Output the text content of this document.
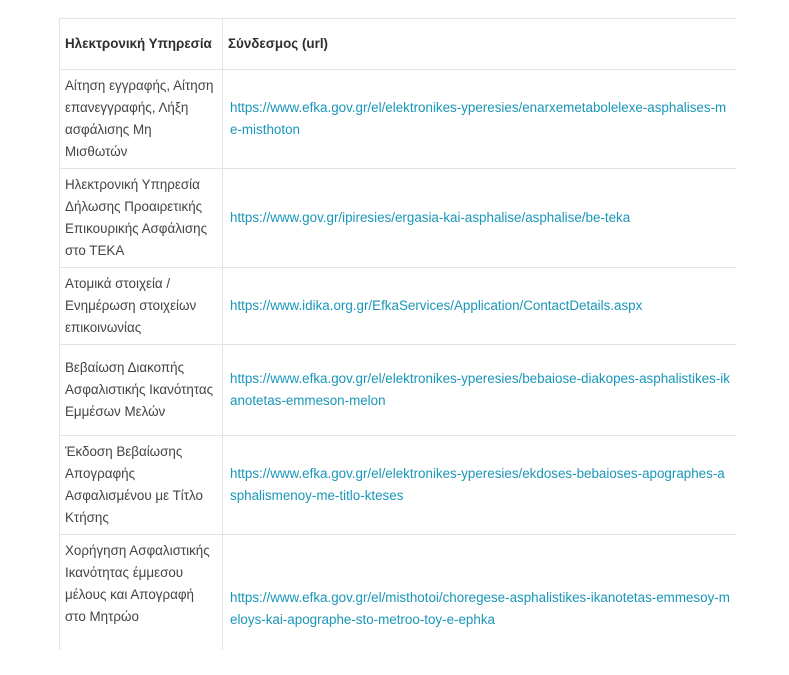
Ηλεκτρονική Υπηρεσία	Σύνδεσμος (url)
Αίτηση εγγραφής, Αίτηση επανεγγραφής, Λήξη ασφάλισης Μη Μισθωτών	https://www.efka.gov.gr/el/elektronikes-yperesies/enarxemetabolelexe-asphalises-me-misthoton
Ηλεκτρονική Υπηρεσία Δήλωσης Προαιρετικής Επικουρικής Ασφάλισης στο ΤΕΚΑ	https://www.gov.gr/ipiresies/ergasia-kai-asphalise/asphalise/be-teka
Ατομικά στοιχεία / Ενημέρωση στοιχείων επικοινωνίας	https://www.idika.org.gr/EfkaServices/Application/ContactDetails.aspx
Βεβαίωση Διακοπής Ασφαλιστικής Ικανότητας Εμμέσων Μελών	https://www.efka.gov.gr/el/elektronikes-yperesies/bebaiose-diakopes-asphalistikes-ikanotetas-emmeson-melon
Έκδοση Βεβαίωσης Απογραφής Ασφαλισμένου με Τίτλο Κτήσης	https://www.efka.gov.gr/el/elektronikes-yperesies/ekdoses-bebaioses-apographes-asphalismenoy-me-titlo-kteses
Χορήγηση Ασφαλιστικής Ικανότητας έμμεσου μέλους και Απογραφή στο Μητρώο	https://www.efka.gov.gr/el/misthotoi/choregese-asphalistikes-ikanotetas-emmesoy-meloys-kai-apographe-sto-metroo-toy-e-ephka
